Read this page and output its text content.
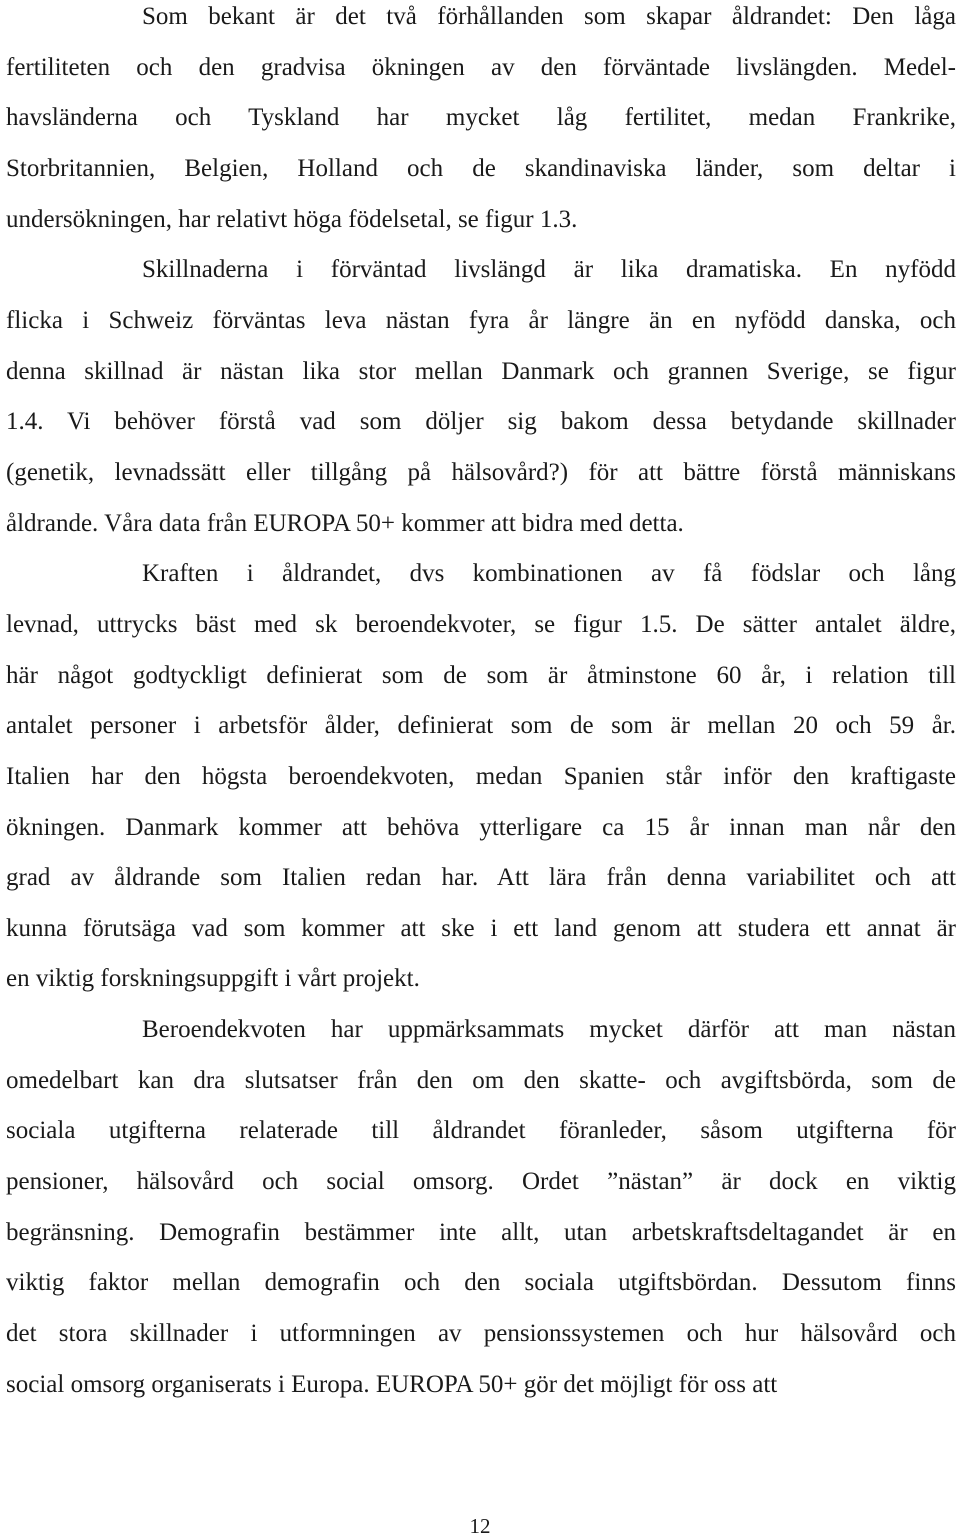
Som bekant är det två förhållanden som skapar åldrandet: Den låga
fertiliteten och den gradvisa ökningen av den förväntade livslängden. Medel-
havsländerna och Tyskland har mycket låg fertilitet, medan Frankrike,
Storbritannien, Belgien, Holland och de skandinaviska länder, som deltar i
undersökningen, har relativt höga födelsetal, se figur 1.3.
Skillnaderna i förväntad livslängd är lika dramatiska. En nyfödd
flicka i Schweiz förväntas leva nästan fyra år längre än en nyfödd danska, och
denna skillnad är nästan lika stor mellan Danmark och grannen Sverige, se figur
1.4. Vi behöver förstå vad som döljer sig bakom dessa betydande skillnader
(genetik, levnadssätt eller tillgång på hälsovård?) för att bättre förstå människans
åldrande. Våra data från EUROPA 50+ kommer att bidra med detta.
Kraften i åldrandet, dvs kombinationen av få födslar och lång
levnad, uttrycks bäst med sk beroendekvoter, se figur 1.5. De sätter antalet äldre,
här något godtyckligt definierat som de som är åtminstone 60 år, i relation till
antalet personer i arbetsför ålder, definierat som de som är mellan 20 och 59 år.
Italien har den högsta beroendekvoten, medan Spanien står inför den kraftigaste
ökningen. Danmark kommer att behöva ytterligare ca 15 år innan man når den
grad av åldrande som Italien redan har. Att lära från denna variabilitet och att
kunna förutsäga vad som kommer att ske i ett land genom att studera ett annat är
en viktig forskningsuppgift i vårt projekt.
Beroendekvoten har uppmärksammats mycket därför att man nästan
omedelbart kan dra slutsatser från den om den skatte- och avgiftsbörda, som de
sociala utgifterna relaterade till åldrandet föranleder, såsom utgifterna för
pensioner, hälsovård och social omsorg. Ordet ”nästan” är dock en viktig
begränsning. Demografin bestämmer inte allt, utan arbetskraftsdeltagandet är en
viktig faktor mellan demografin och den sociala utgiftsbördan. Dessutom finns
det stora skillnader i utformningen av pensionssystemen och hur hälsovård och
social omsorg organiserats i Europa. EUROPA 50+ gör det möjligt för oss att
12
